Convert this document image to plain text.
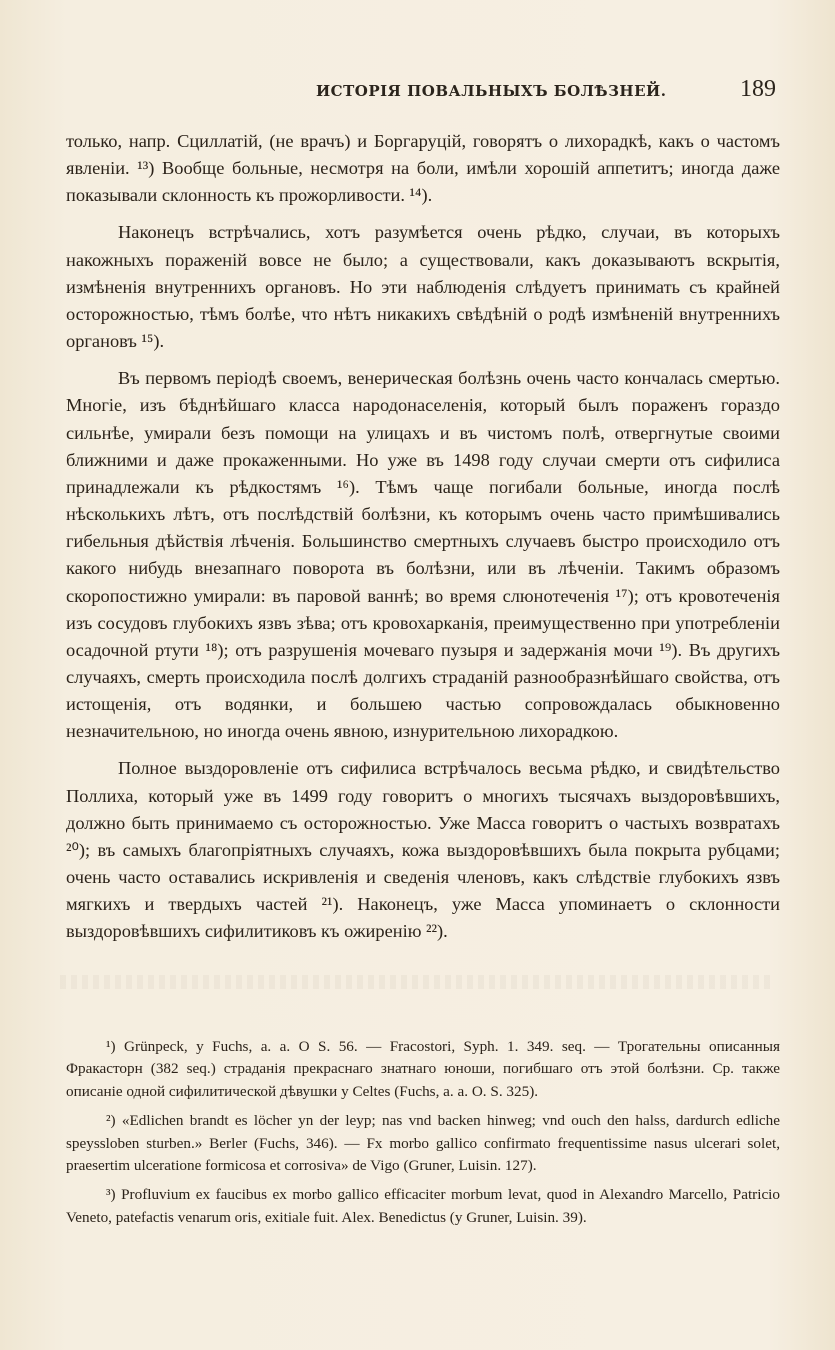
ИСТОРІЯ ПОВАЛЬНЫХЪ БОЛѢЗНЕЙ.	189

только, напр. Сциллатій, (не врачъ) и Боргаруцій, говорятъ о лихорадкѣ, какъ о частомъ явленіи. ¹³) Вообще больные, несмотря на боли, имѣли хорошій аппетитъ; иногда даже показывали склонность къ прожорливости. ¹⁴).

Наконецъ встрѣчались, хотъ разумѣется очень рѣдко, случаи, въ которыхъ накожныхъ пораженій вовсе не было; а существовали, какъ доказываютъ вскрытія, измѣненія внутреннихъ органовъ. Но эти наблюденія слѣдуетъ принимать съ крайней осторожностью, тѣмъ болѣе, что нѣтъ никакихъ свѣдѣній о родѣ измѣненій внутреннихъ органовъ ¹⁵).

Въ первомъ періодѣ своемъ, венерическая болѣзнь очень часто кончалась смертью. Многіе, изъ бѣднѣйшаго класса народонаселенія, который былъ пораженъ гораздо сильнѣе, умирали безъ помощи на улицахъ и въ чистомъ полѣ, отвергнутые своими ближними и даже прокаженными. Но уже въ 1498 году случаи смерти отъ сифилиса принадлежали къ рѣдкостямъ ¹⁶). Тѣмъ чаще погибали больные, иногда послѣ нѣсколькихъ лѣтъ, отъ послѣдствій болѣзни, къ которымъ очень часто примѣшивались гибельныя дѣйствія лѣченія. Большинство смертныхъ случаевъ быстро происходило отъ какого нибудь внезапнаго поворота въ болѣзни, или въ лѣченіи. Такимъ образомъ скоропостижно умирали: въ паровой ваннѣ; во время слюнотеченія ¹⁷); отъ кровотеченія изъ сосудовъ глубокихъ язвъ зѣва; отъ кровохарканія, преимущественно при употребленіи осадочной ртути ¹⁸); отъ разрушенія мочеваго пузыря и задержанія мочи ¹⁹). Въ другихъ случаяхъ, смерть происходила послѣ долгихъ страданій разнообразнѣйшаго свойства, отъ истощенія, отъ водянки, и большею частью сопровождалась обыкновенно незначительною, но иногда очень явною, изнурительною лихорадкою.

Полное выздоровленіе отъ сифилиса встрѣчалось весьма рѣдко, и свидѣтельство Поллиха, который уже въ 1499 году говоритъ о многихъ тысячахъ выздоровѣвшихъ, должно быть принимаемо съ осторожностью. Уже Масса говоритъ о частыхъ возвратахъ ²⁰); въ самыхъ благопріятныхъ случаяхъ, кожа выздоровѣвшихъ была покрыта рубцами; очень часто оставались искривленія и сведенія членовъ, какъ слѣдствіе глубокихъ язвъ мягкихъ и твердыхъ частей ²¹). Наконецъ, уже Масса упоминаетъ о склонности выздоровѣвшихъ сифилитиковъ къ ожиренію ²²).

¹) Grünpeck, у Fuchs, a. a. O S. 56. — Fracostori, Syph. 1. 349. seq. — Трогательны описанныя Фракасторн (382 seq.) страданія прекраснаго знатнаго юноши, погибшаго отъ этой болѣзни. Ср. также описаніе одной сифилитической дѣвушки у Celtes (Fuchs, a. a. O. S. 325).

²) «Edlichen brandt es löcher yn der leyp; nas vnd backen hinweg; vnd ouch den halss, dardurch edliche speyssloben sturben.» Berler (Fuchs, 346). — Fx morbo gallico confirmato frequentissime nasus ulcerari solet, praesertim ulceratione formicosa et corrosiva» de Vigo (Gruner, Luisin. 127).

³) Profluvium ex faucibus ex morbo gallico efficaciter morbum levat, quod in Alexandro Marcello, Patricio Veneto, patefactis venarum oris, exitiale fuit. Alex. Benedictus (у Gruner, Luisin. 39).
